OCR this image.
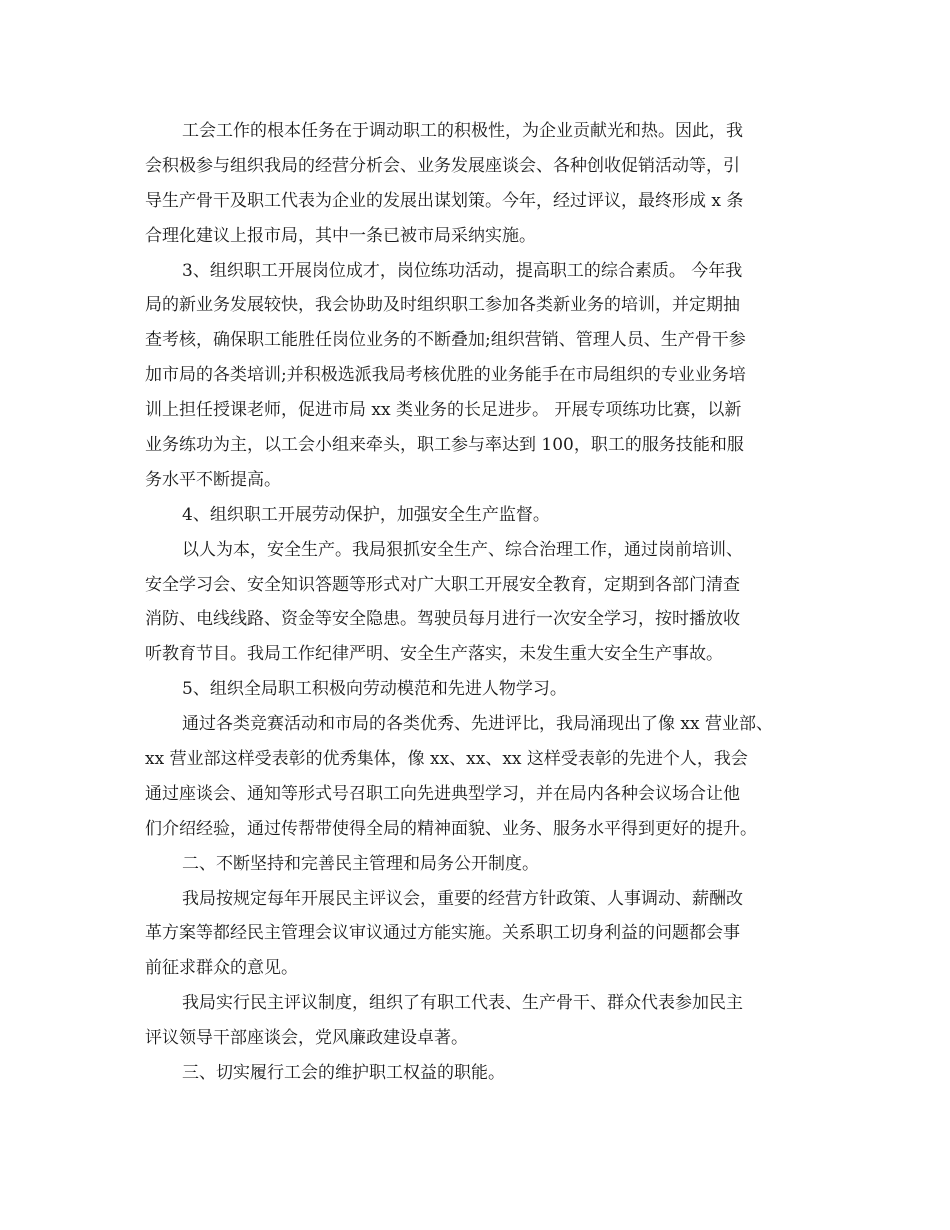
工会工作的根本任务在于调动职工的积极性，为企业贡献光和热。因此，我
会积极参与组织我局的经营分析会、业务发展座谈会、各种创收促销活动等，引
导生产骨干及职工代表为企业的发展出谋划策。今年，经过评议，最终形成 x 条
合理化建议上报市局，其中一条已被市局采纳实施。
3、组织职工开展岗位成才，岗位练功活动，提高职工的综合素质。 今年我
局的新业务发展较快，我会协助及时组织职工参加各类新业务的培训，并定期抽
查考核，确保职工能胜任岗位业务的不断叠加;组织营销、管理人员、生产骨干参
加市局的各类培训;并积极选派我局考核优胜的业务能手在市局组织的专业业务培
训上担任授课老师，促进市局 xx 类业务的长足进步。 开展专项练功比赛，以新
业务练功为主，以工会小组来牵头，职工参与率达到 100，职工的服务技能和服
务水平不断提高。
4、组织职工开展劳动保护，加强安全生产监督。
以人为本，安全生产。我局狠抓安全生产、综合治理工作，通过岗前培训、
安全学习会、安全知识答题等形式对广大职工开展安全教育，定期到各部门清查
消防、电线线路、资金等安全隐患。驾驶员每月进行一次安全学习，按时播放收
听教育节目。我局工作纪律严明、安全生产落实，未发生重大安全生产事故。
5、组织全局职工积极向劳动模范和先进人物学习。
通过各类竞赛活动和市局的各类优秀、先进评比，我局涌现出了像 xx 营业部、
xx 营业部这样受表彰的优秀集体，像 xx、xx、xx 这样受表彰的先进个人，我会
通过座谈会、通知等形式号召职工向先进典型学习，并在局内各种会议场合让他
们介绍经验，通过传帮带使得全局的精神面貌、业务、服务水平得到更好的提升。
二、不断坚持和完善民主管理和局务公开制度。
我局按规定每年开展民主评议会，重要的经营方针政策、人事调动、薪酬改
革方案等都经民主管理会议审议通过方能实施。关系职工切身利益的问题都会事
前征求群众的意见。
我局实行民主评议制度，组织了有职工代表、生产骨干、群众代表参加民主
评议领导干部座谈会，党风廉政建设卓著。
三、切实履行工会的维护职工权益的职能。
